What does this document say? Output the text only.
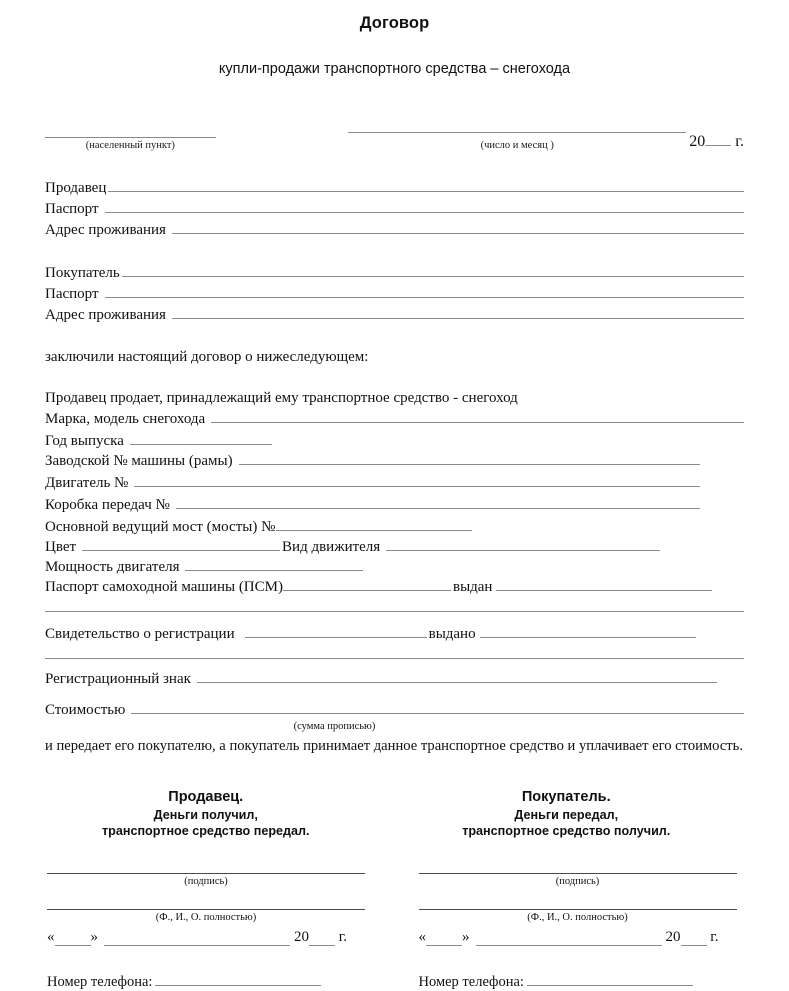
Договор
купли-продажи транспортного средства – снегохода
(населенный пункт)	(число и месяц )	20 г.
Продавец
Паспорт
Адрес проживания
Покупатель
Паспорт
Адрес проживания
заключили настоящий договор о нижеследующем:
Продавец продает, принадлежащий ему транспортное средство - снегоход
Марка, модель снегохода
Год выпуска
Заводской № машины (рамы)
Двигатель №
Коробка передач №
Основной ведущий мост (мосты) №
Цвет	Вид движителя
Мощность двигателя
Паспорт самоходной машины (ПСМ)	выдан
Свидетельство о регистрации	выдано
Регистрационный знак
Стоимостью
(сумма прописью)
и передает его покупателю, а покупатель принимает данное транспортное средство и уплачивает его стоимость.
Продавец.
Деньги получил,
транспортное средство передал.
(подпись)
(Ф., И., О. полностью)
« »	20
г.
Номер телефона:
Покупатель.
Деньги передал,
транспортное средство получил.
(подпись)
(Ф., И., О. полностью)
« »	20
г.
Номер телефона:
